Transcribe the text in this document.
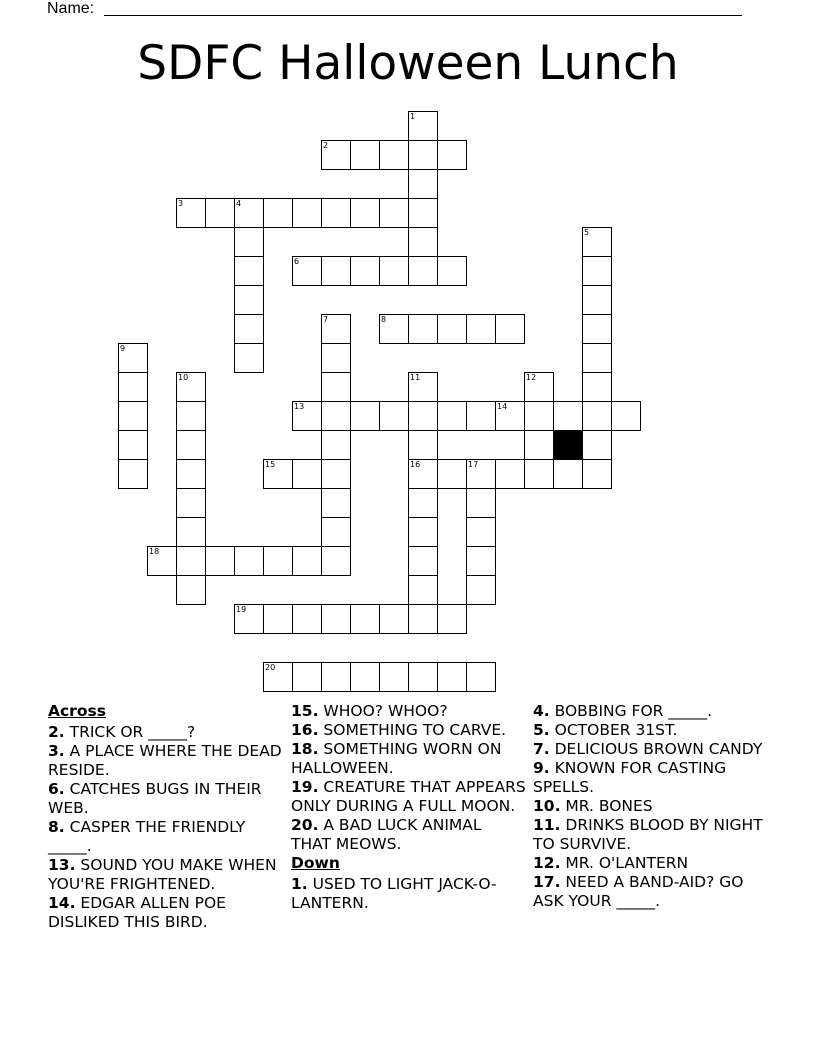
Name:
SDFC Halloween Lunch
2
3	4
6
8
13	14
15	16	17
18
19
20
1
5
7
9
10	11	12

Across

2. TRICK OR _____?

3. A PLACE WHERE THE DEAD RESIDE.

6. CATCHES BUGS IN THEIR WEB.

8. CASPER THE FRIENDLY _____.

13. SOUND YOU MAKE WHEN YOU'RE FRIGHTENED.

14. EDGAR ALLEN POE DISLIKED THIS BIRD.

15. WHOO? WHOO?

16. SOMETHING TO CARVE.

18. SOMETHING WORN ON HALLOWEEN.

19. CREATURE THAT APPEARS ONLY DURING A FULL MOON.

20. A BAD LUCK ANIMAL THAT MEOWS.

Down

1. USED TO LIGHT JACK-O-LANTERN.

4. BOBBING FOR _____.

5. OCTOBER 31ST.

7. DELICIOUS BROWN CANDY

9. KNOWN FOR CASTING SPELLS.

10. MR. BONES

11. DRINKS BLOOD BY NIGHT TO SURVIVE.

12. MR. O'LANTERN

17. NEED A BAND-AID? GO ASK YOUR _____.
